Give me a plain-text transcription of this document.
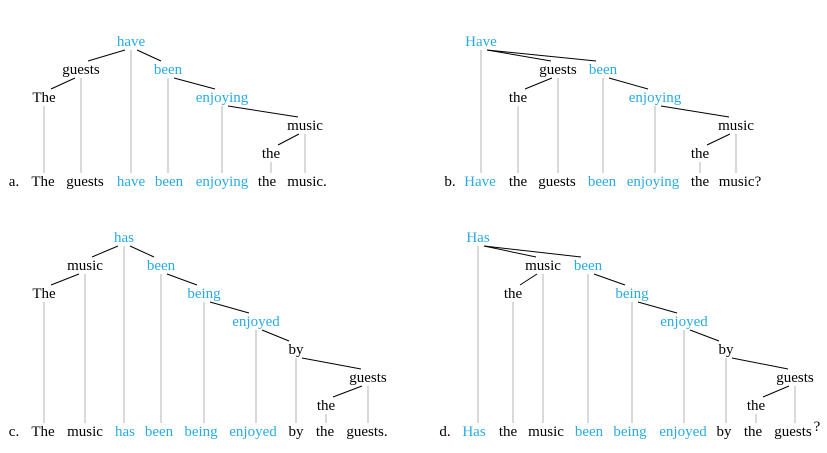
have
guests	been
The	enjoying
music
the
a. The guests have been enjoying the music.
Have
guests been
the	enjoying
music
the
b. Have the guests been enjoying the music?
has
music	been
The	being
enjoyed
by
guests
the
c. The music has been being enjoyed by the guests.
Has
music been
the	being
enjoyed
by
guests
the
d. Has the music been being enjoyed by the guests ?
